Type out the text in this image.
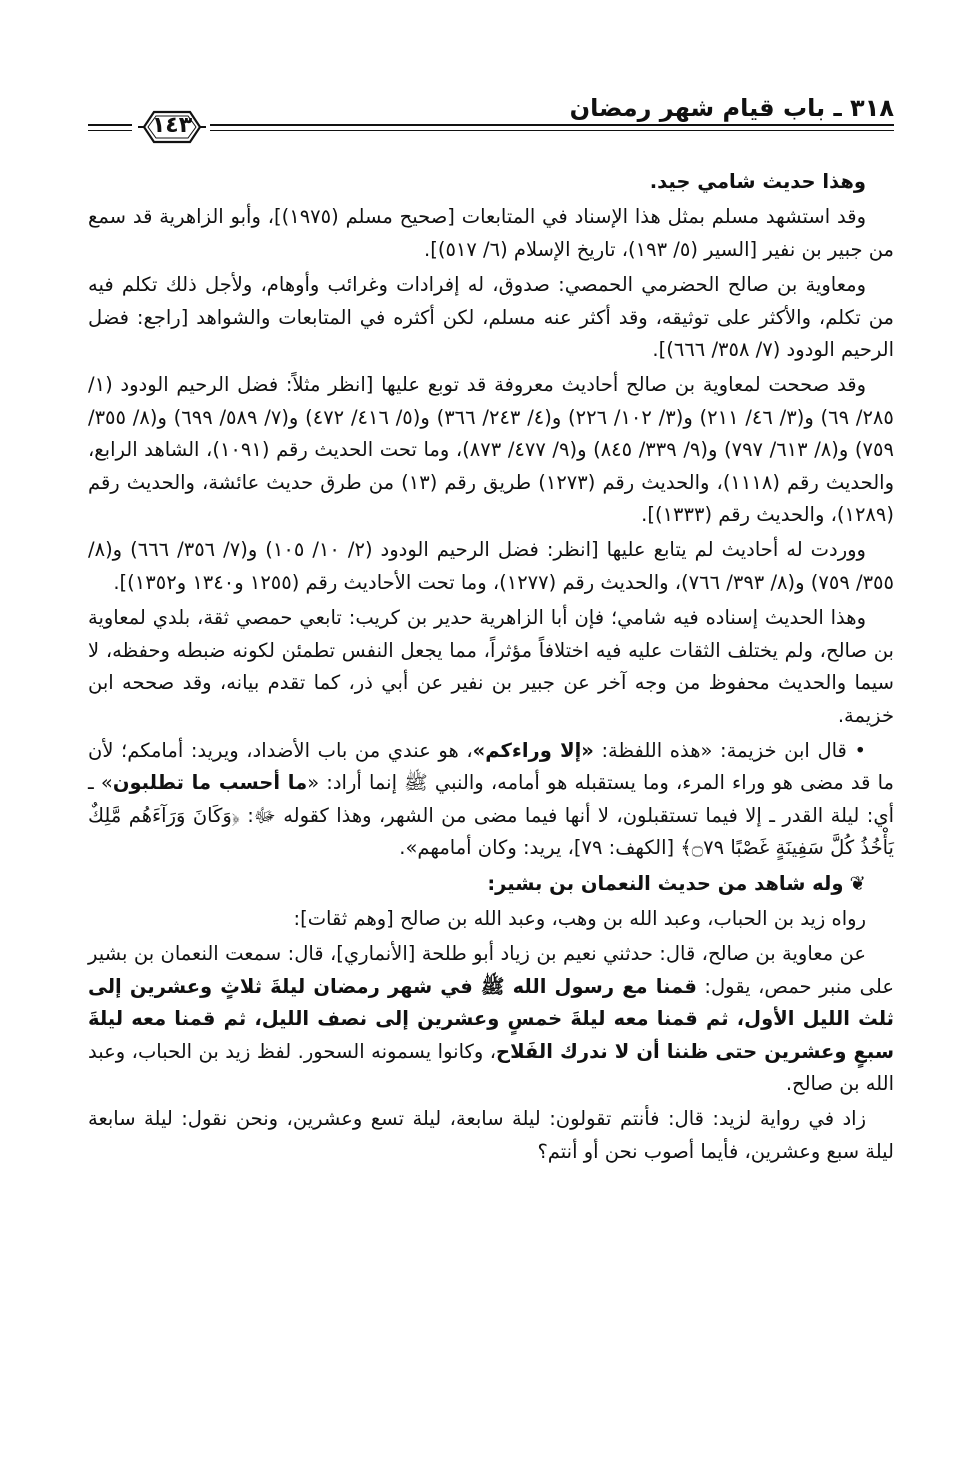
٣١٨ ـ باب قيام شهر رمضان
١٤٣

وهذا حديث شامي جيد.

وقد استشهد مسلم بمثل هذا الإسناد في المتابعات [صحيح مسلم (١٩٧٥)]، وأبو الزاهرية قد سمع من جبير بن نفير [السير (٥/ ١٩٣)، تاريخ الإسلام (٦/ ٥١٧)].

ومعاوية بن صالح الحضرمي الحمصي: صدوق، له إفرادات وغرائب وأوهام، ولأجل ذلك تكلم فيه من تكلم، والأكثر على توثيقه، وقد أكثر عنه مسلم، لكن أكثره في المتابعات والشواهد [راجع: فضل الرحيم الودود (٧/ ٣٥٨/ ٦٦٦)].

وقد صححت لمعاوية بن صالح أحاديث معروفة قد توبع عليها [انظر مثلاً: فضل الرحيم الودود (١/ ٢٨٥/ ٦٩) و(٣/ ٤٦/ ٢١١) و(٣/ ١٠٢/ ٢٢٦) و(٤/ ٢٤٣/ ٣٦٦) و(٥/ ٤١٦/ ٤٧٢) و(٧/ ٥٨٩/ ٦٩٩) و(٨/ ٣٥٥/ ٧٥٩) و(٨/ ٦١٣/ ٧٩٧) و(٩/ ٣٣٩/ ٨٤٥) و(٩/ ٤٧٧/ ٨٧٣)، وما تحت الحديث رقم (١٠٩١)، الشاهد الرابع، والحديث رقم (١١١٨)، والحديث رقم (١٢٧٣) طريق رقم (١٣) من طرق حديث عائشة، والحديث رقم (١٢٨٩)، والحديث رقم (١٣٣٣)].

ووردت له أحاديث لم يتابع عليها [انظر: فضل الرحيم الودود (٢/ ١٠/ ١٠٥) و(٧/ ٣٥٦/ ٦٦٦) و(٨/ ٣٥٥/ ٧٥٩) و(٨/ ٣٩٣/ ٧٦٦)، والحديث رقم (١٢٧٧)، وما تحت الأحاديث رقم (١٢٥٥ و١٣٤٠ و١٣٥٢)].

وهذا الحديث إسناده فيه شامي؛ فإن أبا الزاهرية حدير بن كريب: تابعي حمصي ثقة، بلدي لمعاوية بن صالح، ولم يختلف الثقات عليه فيه اختلافاً مؤثراً، مما يجعل النفس تطمئن لكونه ضبطه وحفظه، لا سيما والحديث محفوظ من وجه آخر عن جبير بن نفير عن أبي ذر، كما تقدم بيانه، وقد صححه ابن خزيمة.

• قال ابن خزيمة: «هذه اللفظة: «إلا وراءكم»، هو عندي من باب الأضداد، ويريد: أمامكم؛ لأن ما قد مضى هو وراء المرء، وما يستقبله هو أمامه، والنبي ﷺ إنما أراد: «ما أحسب ما تطلبون» ـ أي: ليلة القدر ـ إلا فيما تستقبلون، لا أنها فيما مضى من الشهر، وهذا كقوله ﷻ: ﴿وَكَانَ وَرَآءَهُم مَّلِكٌ يَأْخُذُ كُلَّ سَفِينَةٍ غَصْبًا ۝٧٩﴾ [الكهف: ٧٩]، يريد: وكان أمامهم».

❦ وله شاهد من حديث النعمان بن بشير:

رواه زيد بن الحباب، وعبد الله بن وهب، وعبد الله بن صالح [وهم ثقات]:

عن معاوية بن صالح، قال: حدثني نعيم بن زياد أبو طلحة [الأنماري]، قال: سمعت النعمان بن بشير على منبر حمص، يقول: قمنا مع رسول الله ﷺ في شهر رمضان ليلةَ ثلاثٍ وعشرين إلى ثلث الليل الأول، ثم قمنا معه ليلةَ خمسٍ وعشرين إلى نصف الليل، ثم قمنا معه ليلةَ سبعٍ وعشرين حتى ظننا أن لا ندرك الفَلاح، وكانوا يسمونه السحور. لفظ زيد بن الحباب، وعبد الله بن صالح.

زاد في رواية لزيد: قال: فأنتم تقولون: ليلة سابعة، ليلة تسع وعشرين، ونحن نقول: ليلة سابعة ليلة سبع وعشرين، فأيما أصوب نحن أو أنتم؟
